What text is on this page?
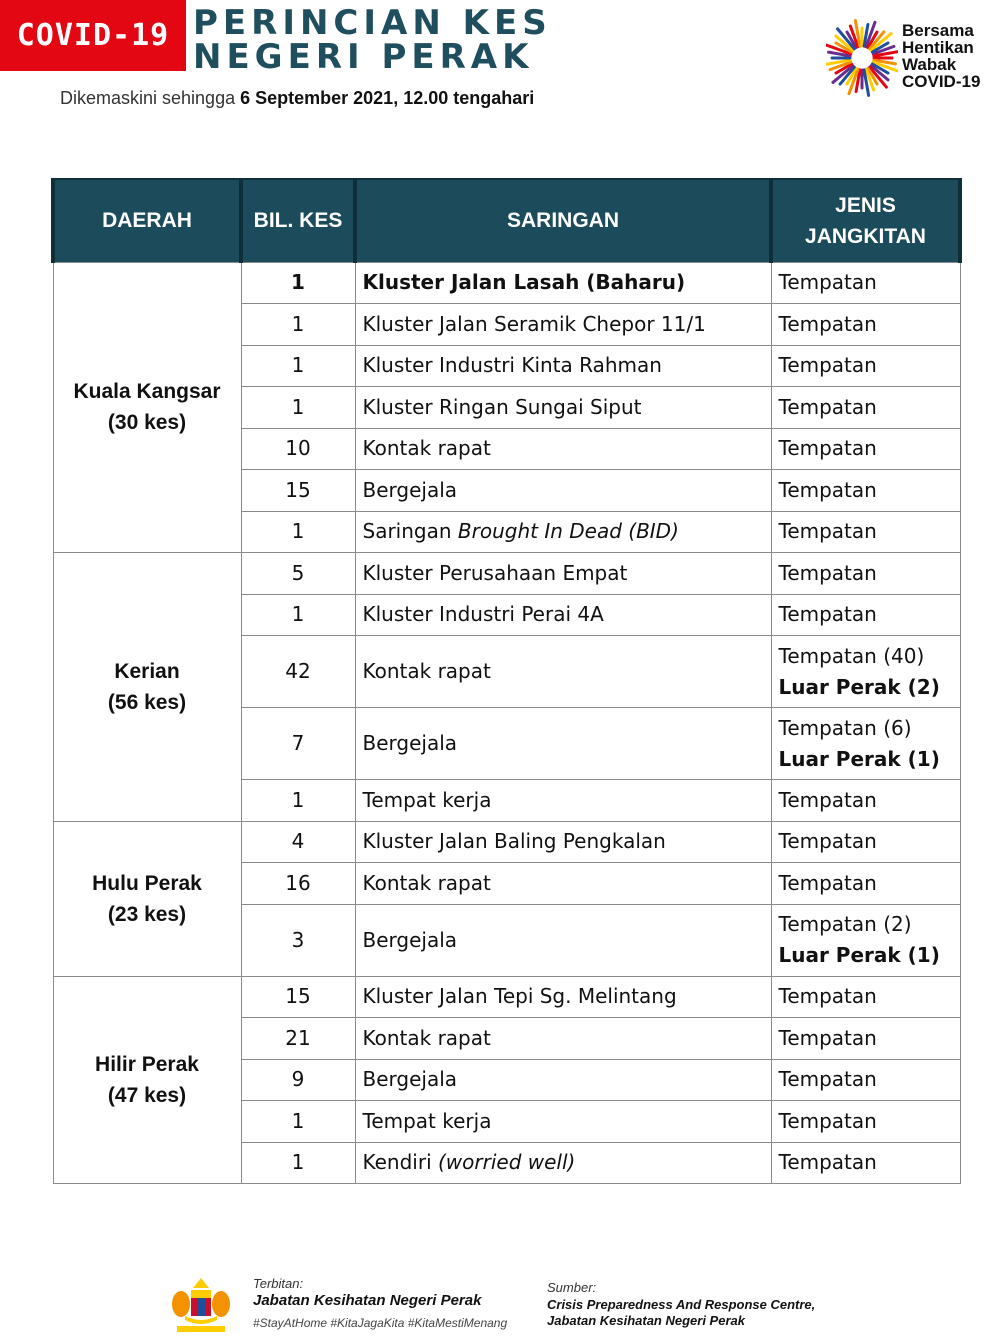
COVID-19 PERINCIAN KES
NEGERI PERAK
Dikemaskini sehingga 6 September 2021, 12.00 tengahari
Bersama
Hentikan
Wabak
COVID-19
DAERAH	BIL. KES	SARINGAN	JENIS JANGKITAN

Kuala Kangsar
(30 kes)	1	Kluster Jalan Lasah (Baharu)	Tempatan

	1	Kluster Jalan Seramik Chepor 11/1	Tempatan

	1	Kluster Industri Kinta Rahman	Tempatan

	1	Kluster Ringan Sungai Siput	Tempatan

	10	Kontak rapat	Tempatan

	15	Bergejala	Tempatan

	1	Saringan Brought In Dead (BID)	Tempatan

Kerian
(56 kes)	5	Kluster Perusahaan Empat	Tempatan

	1	Kluster Industri Perai 4A	Tempatan

	42	Kontak rapat	Tempatan (40)
Luar Perak (2)

	7	Bergejala	Tempatan (6)
Luar Perak (1)

	1	Tempat kerja	Tempatan

Hulu Perak
(23 kes)	4	Kluster Jalan Baling Pengkalan	Tempatan

	16	Kontak rapat	Tempatan

	3	Bergejala	Tempatan (2)
Luar Perak (1)

Hilir Perak
(47 kes)	15	Kluster Jalan Tepi Sg. Melintang	Tempatan

	21	Kontak rapat	Tempatan

	9	Bergejala	Tempatan

	1	Tempat kerja	Tempatan

	1	Kendiri (worried well)	Tempatan
Terbitan:
Jabatan Kesihatan Negeri Perak
#StayAtHome #KitaJagaKita #KitaMestiMenang
Sumber:
Crisis Preparedness And Response Centre,
Jabatan Kesihatan Negeri Perak
